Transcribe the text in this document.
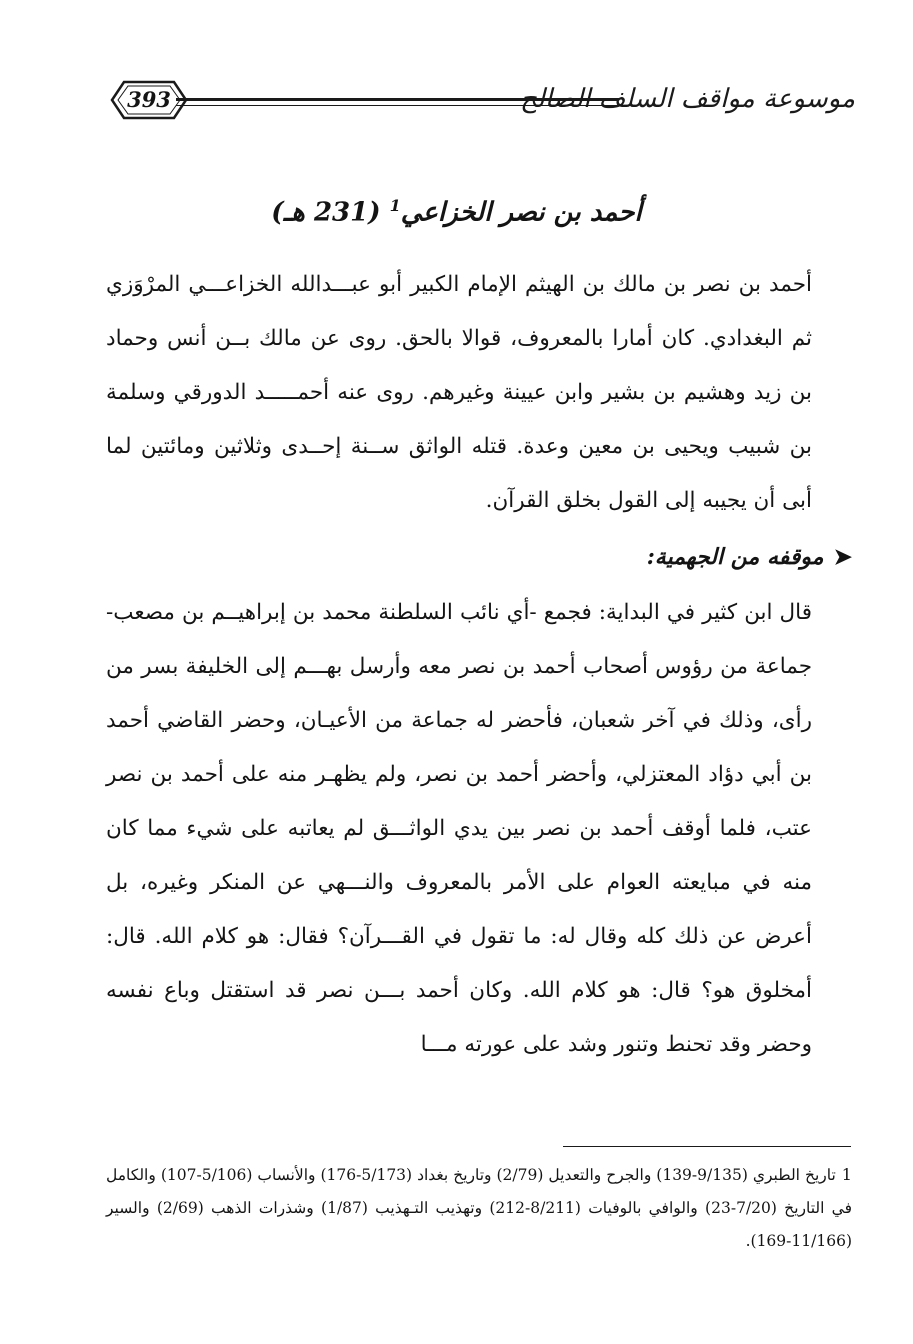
393	موسوعة مواقف السلف الصالح
أحمد بن نصر الخزاعي$^1$ (231 هـ)

أحمد بن نصر بن مالك بن الهيثم الإمام الكبير أبو عبـــدالله الخزاعـــي المرْوَزي ثم البغدادي. كان أمارا بالمعروف، قوالا بالحق. روى عن مالك بــن أنس وحماد بن زيد وهشيم بن بشير وابن عيينة وغيرهم. روى عنه أحمـــــد الدورقي وسلمة بن شبيب ويحيى بن معين وعدة. قتله الواثق ســنة إحــدى وثلاثين ومائتين لما أبى أن يجيبه إلى القول بخلق القرآن.

➤موقفه من الجهمية:

قال ابن كثير في البداية: فجمع -أي نائب السلطنة محمد بن إبراهيــم بن مصعب- جماعة من رؤوس أصحاب أحمد بن نصر معه وأرسل بهـــم إلى الخليفة بسر من رأى، وذلك في آخر شعبان، فأحضر له جماعة من الأعيـان، وحضر القاضي أحمد بن أبي دؤاد المعتزلي، وأحضر أحمد بن نصر، ولم يظهـر منه على أحمد بن نصر عتب، فلما أوقف أحمد بن نصر بين يدي الواثـــق لم يعاتبه على شيء مما كان منه في مبايعته العوام على الأمر بالمعروف والنـــهي عن المنكر وغيره، بل أعرض عن ذلك كله وقال له: ما تقول في القـــرآن؟ فقال: هو كلام الله. قال: أمخلوق هو؟ قال: هو كلام الله. وكان أحمد بـــن نصر قد استقتل وباع نفسه وحضر وقد تحنط وتنور وشد على عورته مـــا

1تاريخ الطبري (9/135-139) والجرح والتعديل (2/79) وتاريخ بغداد (5/173-176) والأنساب (5/106-107) والكامل في التاريخ (7/20-23) والوافي بالوفيات (8/211-212) وتهذيب التـهذيب (1/87) وشذرات الذهب (2/69) والسير (11/166-169).
